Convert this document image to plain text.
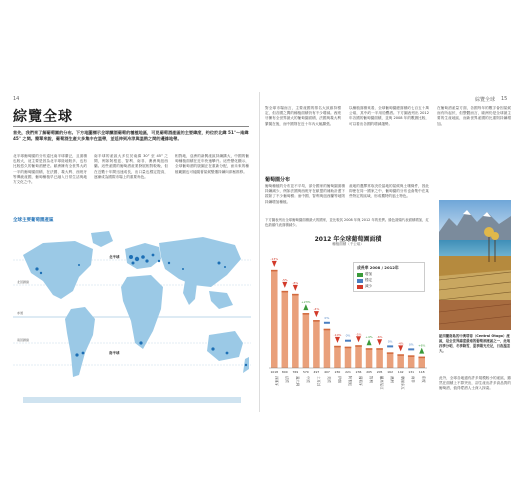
14
綜覽全球
首先，我們來了解葡萄園的分布。下方地圖標示全球釀酒葡萄的種植地區，可見葡萄酒產區的主要緯度，約位於北緯 51°～南緯 45° 之間。簡單來說，葡萄酒生產大多集中在溫帶，並延伸到冷涼與溫熱之間的邊緣地帶。
北半球葡萄園的分布遠比南半球廣泛，且面積也較大，這主要是因為北半球陸地較多，也有比較悠久的葡萄酒歷史。歐洲擁有全世界大約一半的葡萄園面積，在法國、義大利、西班牙等傳統產國，葡萄種植早已融入日常生活與地方文化之中。
南半球的產區大多位於南緯 30° 至 45° 之間，例如阿根廷、智利、南非、澳洲與紐西蘭。這些產國的葡萄酒產業發展相對較晚，但在近數十年間迅速成長，出口量也穩定提高，逐漸成為國際市場上的重要角色。
相對地，亞洲的新興產區持續擴大，中國的葡萄種植面積在近年快速攀升。這些變化顯示，全球葡萄酒的版圖正在重新分配，而未來的種植範圍也可能隨著氣候變遷持續向兩極推移。
全球主要葡萄園產區
北半球
南半球
赤道
北回歸線
南回歸線
綜覽全球 15
對全球市場而言，主要產國的排名大致維持穩定，但各國之間的種植面積仍有不少增減。西班牙擁有全世界最大的葡萄園面積，法國與義大利緊隨在後，而中國則在近十年內大幅擴張。
以種植面積來看，全球葡萄園總面積約七百五十萬公頃，其中約一半用於釀酒。下方圖表列出 2012 年各國的葡萄園面積，並與 2008 年的數據比較，可以看出各國的增減趨勢。
在葡萄酒產量方面，各國每年的數字會因氣候而有所起伏，但整體而言，歐洲仍是全球最主要的生產地區，而新世界產國的比重則持續增加。
葡萄園分布
葡萄種植的分布並不平均，部分國家的葡萄園面積持續減少，例如法國與西班牙在歐盟的補助計畫下拔除了不少葡萄樹；而中國、智利與紐西蘭等地則持續增加種植。
產地的選擇常取決於當地的氣候與土壤條件，因此即使在同一國家之中，葡萄園的分布也會集中在某些特定的區域，形成獨特的風土特色。
下方圖表列出全球葡萄園面積最大的國家，並比較其 2008 年與 2012 年的差異。綠色箭頭代表面積增加，紅色箭頭代表面積減少。
2012 年全球葡萄園面積
種植面積（千公頃）
-13%
1018
西班牙
-5%
800
法國
-8%
769
義大利
+23%
570
中國
-4%
497
土耳其
0%
407
美國
-10%
230
伊朗
0%
221
阿根廷
-5%
236
葡萄牙
+4%
205
智利
-6%
205
羅馬尼亞
0%
162
澳洲
-4%
142
摩爾多瓦
0%
131
南非
+6%
118
印度
成長率 2008 / 2012年
增加
穩定
減少
紐西蘭南島的中奧塔哥（Central Otago）產區，是全世界緯度最南的葡萄酒產區之一，此地四季分明，冬季降雪，夏季陽光充足，日夜溫差大。
此外，全球各地還有許多規模較小的產區，雖然在面積上不算突出，卻生產出許多高品質的葡萄酒，值得愛酒人士深入探索。
